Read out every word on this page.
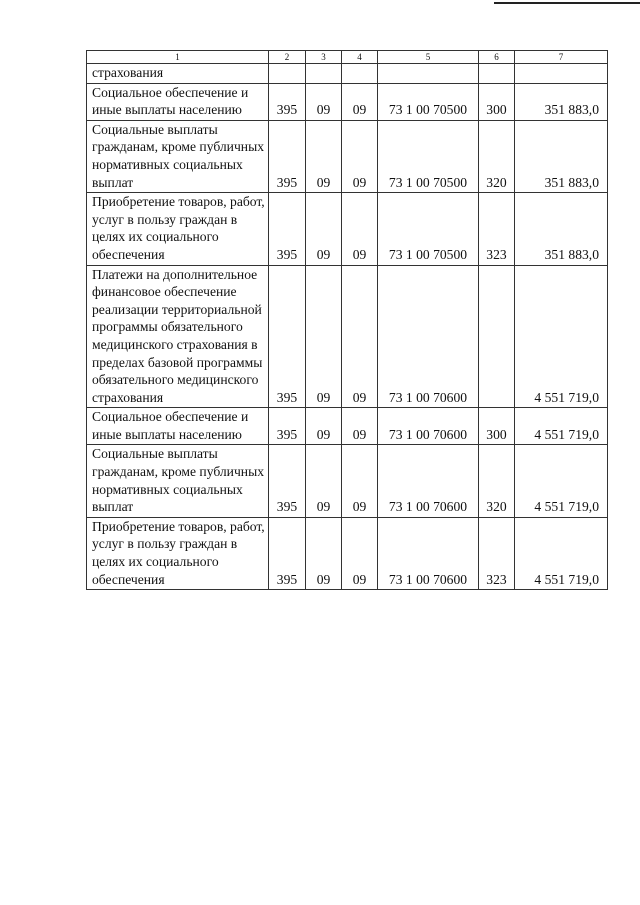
1	2	3	4	5	6	7
страхования						
Социальное обеспечение и иные выплаты населению	395	09	09	73 1 00 70500	300	351 883,0
Социальные выплаты гражданам, кроме публичных нормативных социальных выплат	395	09	09	73 1 00 70500	320	351 883,0
Приобретение товаров, работ, услуг в пользу граждан в целях их социального обеспечения	395	09	09	73 1 00 70500	323	351 883,0
Платежи на дополнительное финансовое обеспечение реализации территориальной программы обязательного медицинского страхования в пределах базовой программы обязательного медицинского страхования	395	09	09	73 1 00 70600		4 551 719,0
Социальное обеспечение и иные выплаты населению	395	09	09	73 1 00 70600	300	4 551 719,0
Социальные выплаты гражданам, кроме публичных нормативных социальных выплат	395	09	09	73 1 00 70600	320	4 551 719,0
Приобретение товаров, работ, услуг в пользу граждан в целях их социального обеспечения	395	09	09	73 1 00 70600	323	4 551 719,0
